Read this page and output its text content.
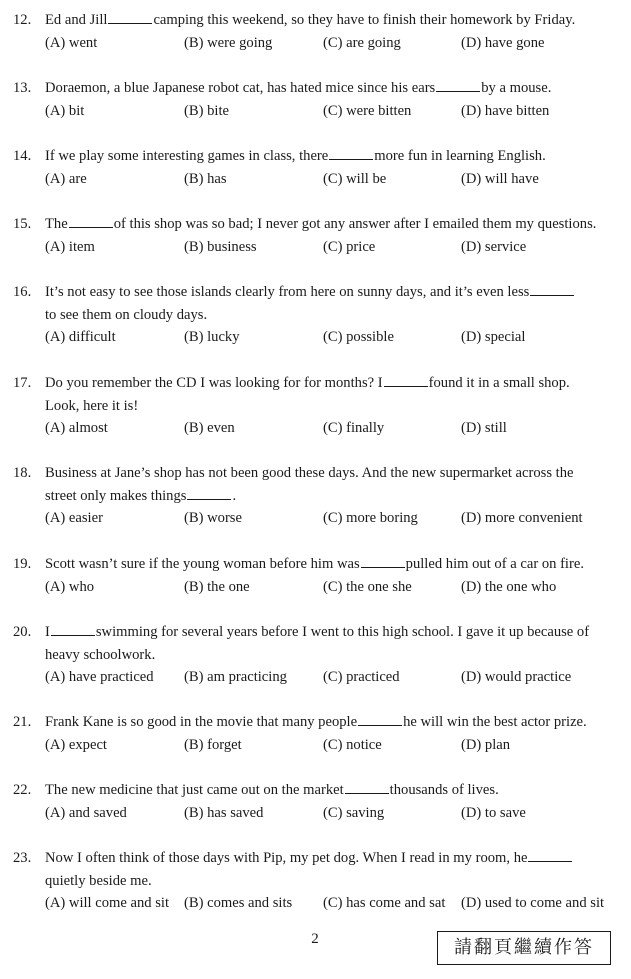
12. Ed and Jill	camping this weekend, so they have to finish their homework by Friday.
(A) went	(B) were going	(C) are going	(D) have gone
13. Doraemon, a blue Japanese robot cat, has hated mice since his ears	by a mouse.
(A) bit	(B) bite	(C) were bitten	(D) have bitten
14. If we play some interesting games in class, there	more fun in learning English.
(A) are	(B) has	(C) will be	(D) will have
15. The	of this shop was so bad; I never got any answer after I emailed them my questions.
(A) item	(B) business	(C) price	(D) service
16. It’s not easy to see those islands clearly from here on sunny days, and it’s even less
to see them on cloudy days.
(A) difficult	(B) lucky	(C) possible	(D) special
17. Do you remember the CD I was looking for for months? I	found it in a small shop.
Look, here it is!
(A) almost	(B) even	(C) finally	(D) still
18. Business at Jane’s shop has not been good these days. And the new supermarket across the
street only makes things	.
(A) easier	(B) worse	(C) more boring	(D) more convenient
19. Scott wasn’t sure if the young woman before him was	pulled him out of a car on fire.
(A) who	(B) the one	(C) the one she	(D) the one who
20. I	swimming for several years before I went to this high school. I gave it up because of
heavy schoolwork.
(A) have practiced (B) am practicing (C) practiced	(D) would practice
21. Frank Kane is so good in the movie that many people	he will win the best actor prize.
(A) expect	(B) forget	(C) notice	(D) plan
22. The new medicine that just came out on the market	thousands of lives.
(A) and saved	(B) has saved	(C) saving	(D) to save
23. Now I often think of those days with Pip, my pet dog. When I read in my room, he
quietly beside me.
(A) will come and sit (B) comes and sits (C) has come and sat (D) used to come and sit
2	請翻頁繼續作答
